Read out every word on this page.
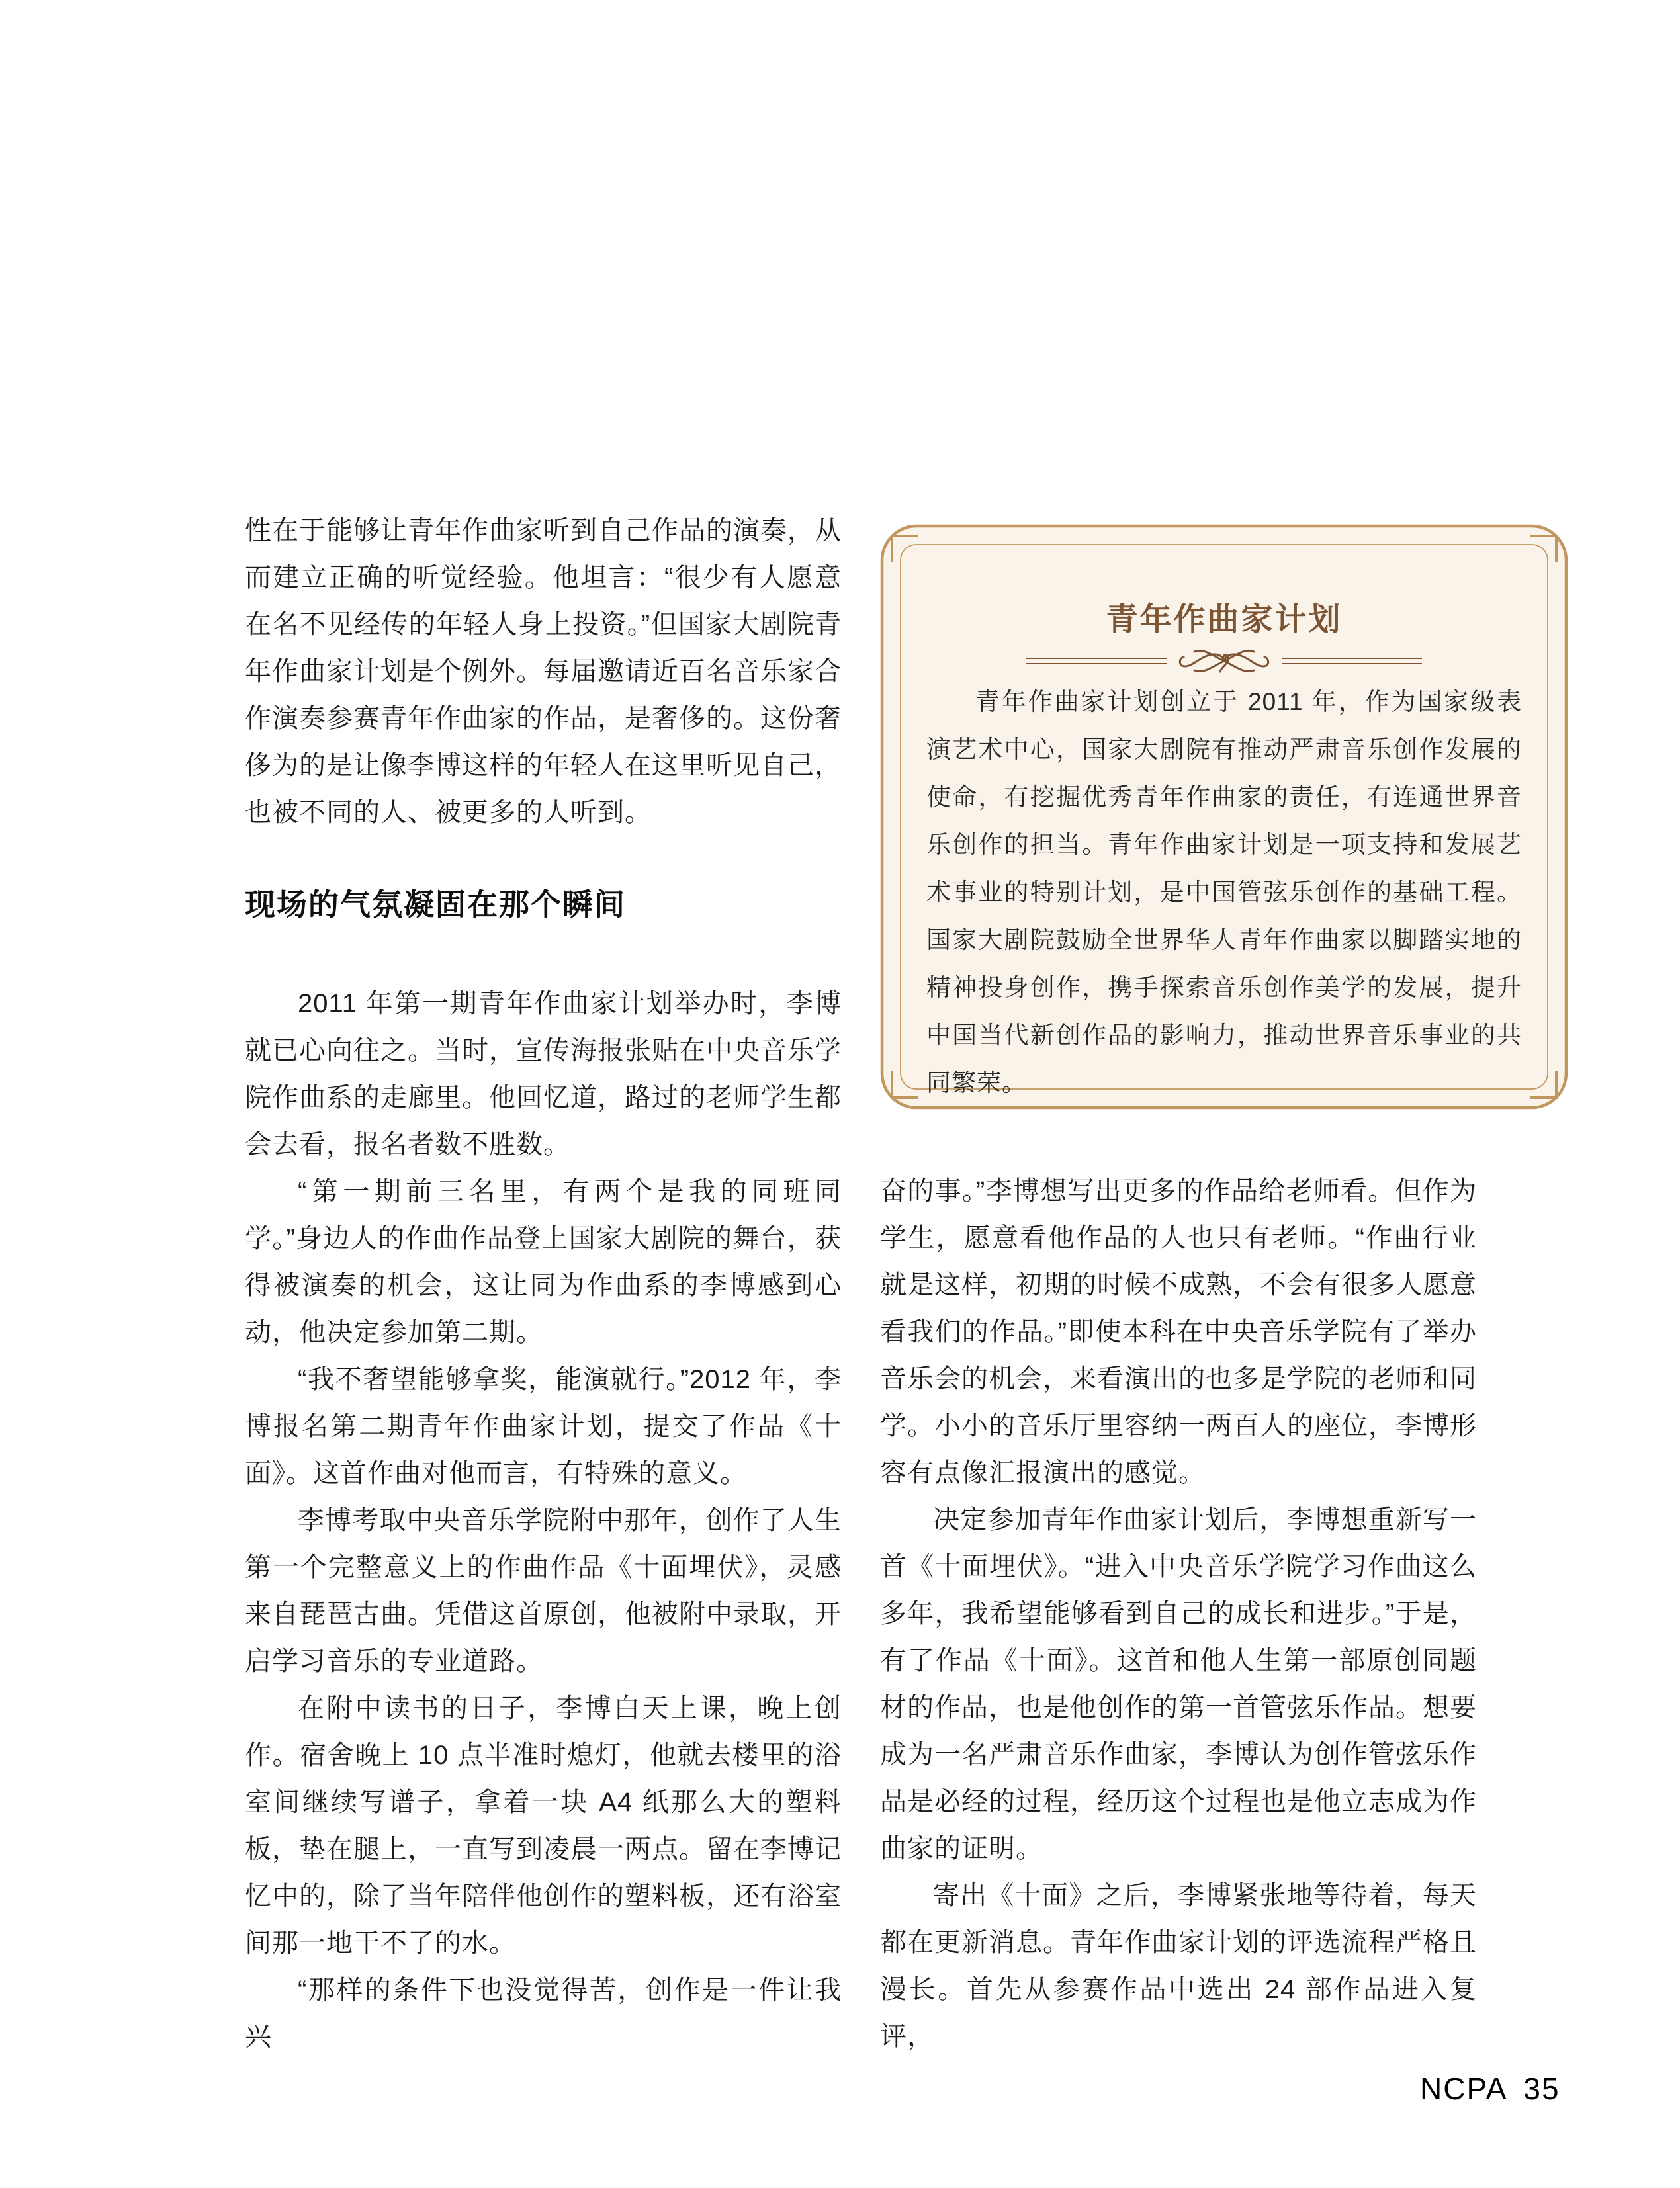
性在于能够让青年作曲家听到自己作品的演奏，从而建立正确的听觉经验。他坦言：“很少有人愿意在名不见经传的年轻人身上投资。”但国家大剧院青年作曲家计划是个例外。每届邀请近百名音乐家合作演奏参赛青年作曲家的作品，是奢侈的。这份奢侈为的是让像李博这样的年轻人在这里听见自己，也被不同的人、被更多的人听到。

现场的气氛凝固在那个瞬间

2011 年第一期青年作曲家计划举办时，李博就已心向往之。当时，宣传海报张贴在中央音乐学院作曲系的走廊里。他回忆道，路过的老师学生都会去看，报名者数不胜数。

“第一期前三名里，有两个是我的同班同学。”身边人的作曲作品登上国家大剧院的舞台，获得被演奏的机会，这让同为作曲系的李博感到心动，他决定参加第二期。

“我不奢望能够拿奖，能演就行。”2012 年，李博报名第二期青年作曲家计划，提交了作品《十面》。这首作曲对他而言，有特殊的意义。

李博考取中央音乐学院附中那年，创作了人生第一个完整意义上的作曲作品《十面埋伏》，灵感来自琵琶古曲。凭借这首原创，他被附中录取，开启学习音乐的专业道路。

在附中读书的日子，李博白天上课，晚上创作。宿舍晚上 10 点半准时熄灯，他就去楼里的浴室间继续写谱子，拿着一块 A4 纸那么大的塑料板，垫在腿上，一直写到凌晨一两点。留在李博记忆中的，除了当年陪伴他创作的塑料板，还有浴室间那一地干不了的水。

“那样的条件下也没觉得苦，创作是一件让我兴

青年作曲家计划
青年作曲家计划创立于 2011 年，作为国家级表演艺术中心，国家大剧院有推动严肃音乐创作发展的使命，有挖掘优秀青年作曲家的责任，有连通世界音乐创作的担当。青年作曲家计划是一项支持和发展艺术事业的特别计划，是中国管弦乐创作的基础工程。国家大剧院鼓励全世界华人青年作曲家以脚踏实地的精神投身创作，携手探索音乐创作美学的发展，提升中国当代新创作品的影响力，推动世界音乐事业的共同繁荣。

奋的事。”李博想写出更多的作品给老师看。但作为学生，愿意看他作品的人也只有老师。“作曲行业就是这样，初期的时候不成熟，不会有很多人愿意看我们的作品。”即使本科在中央音乐学院有了举办音乐会的机会，来看演出的也多是学院的老师和同学。小小的音乐厅里容纳一两百人的座位，李博形容有点像汇报演出的感觉。

决定参加青年作曲家计划后，李博想重新写一首《十面埋伏》。“进入中央音乐学院学习作曲这么多年，我希望能够看到自己的成长和进步。”于是，有了作品《十面》。这首和他人生第一部原创同题材的作品，也是他创作的第一首管弦乐作品。想要成为一名严肃音乐作曲家，李博认为创作管弦乐作品是必经的过程，经历这个过程也是他立志成为作曲家的证明。

寄出《十面》之后，李博紧张地等待着，每天都在更新消息。青年作曲家计划的评选流程严格且漫长。首先从参赛作品中选出 24 部作品进入复评，

NCPA 35
